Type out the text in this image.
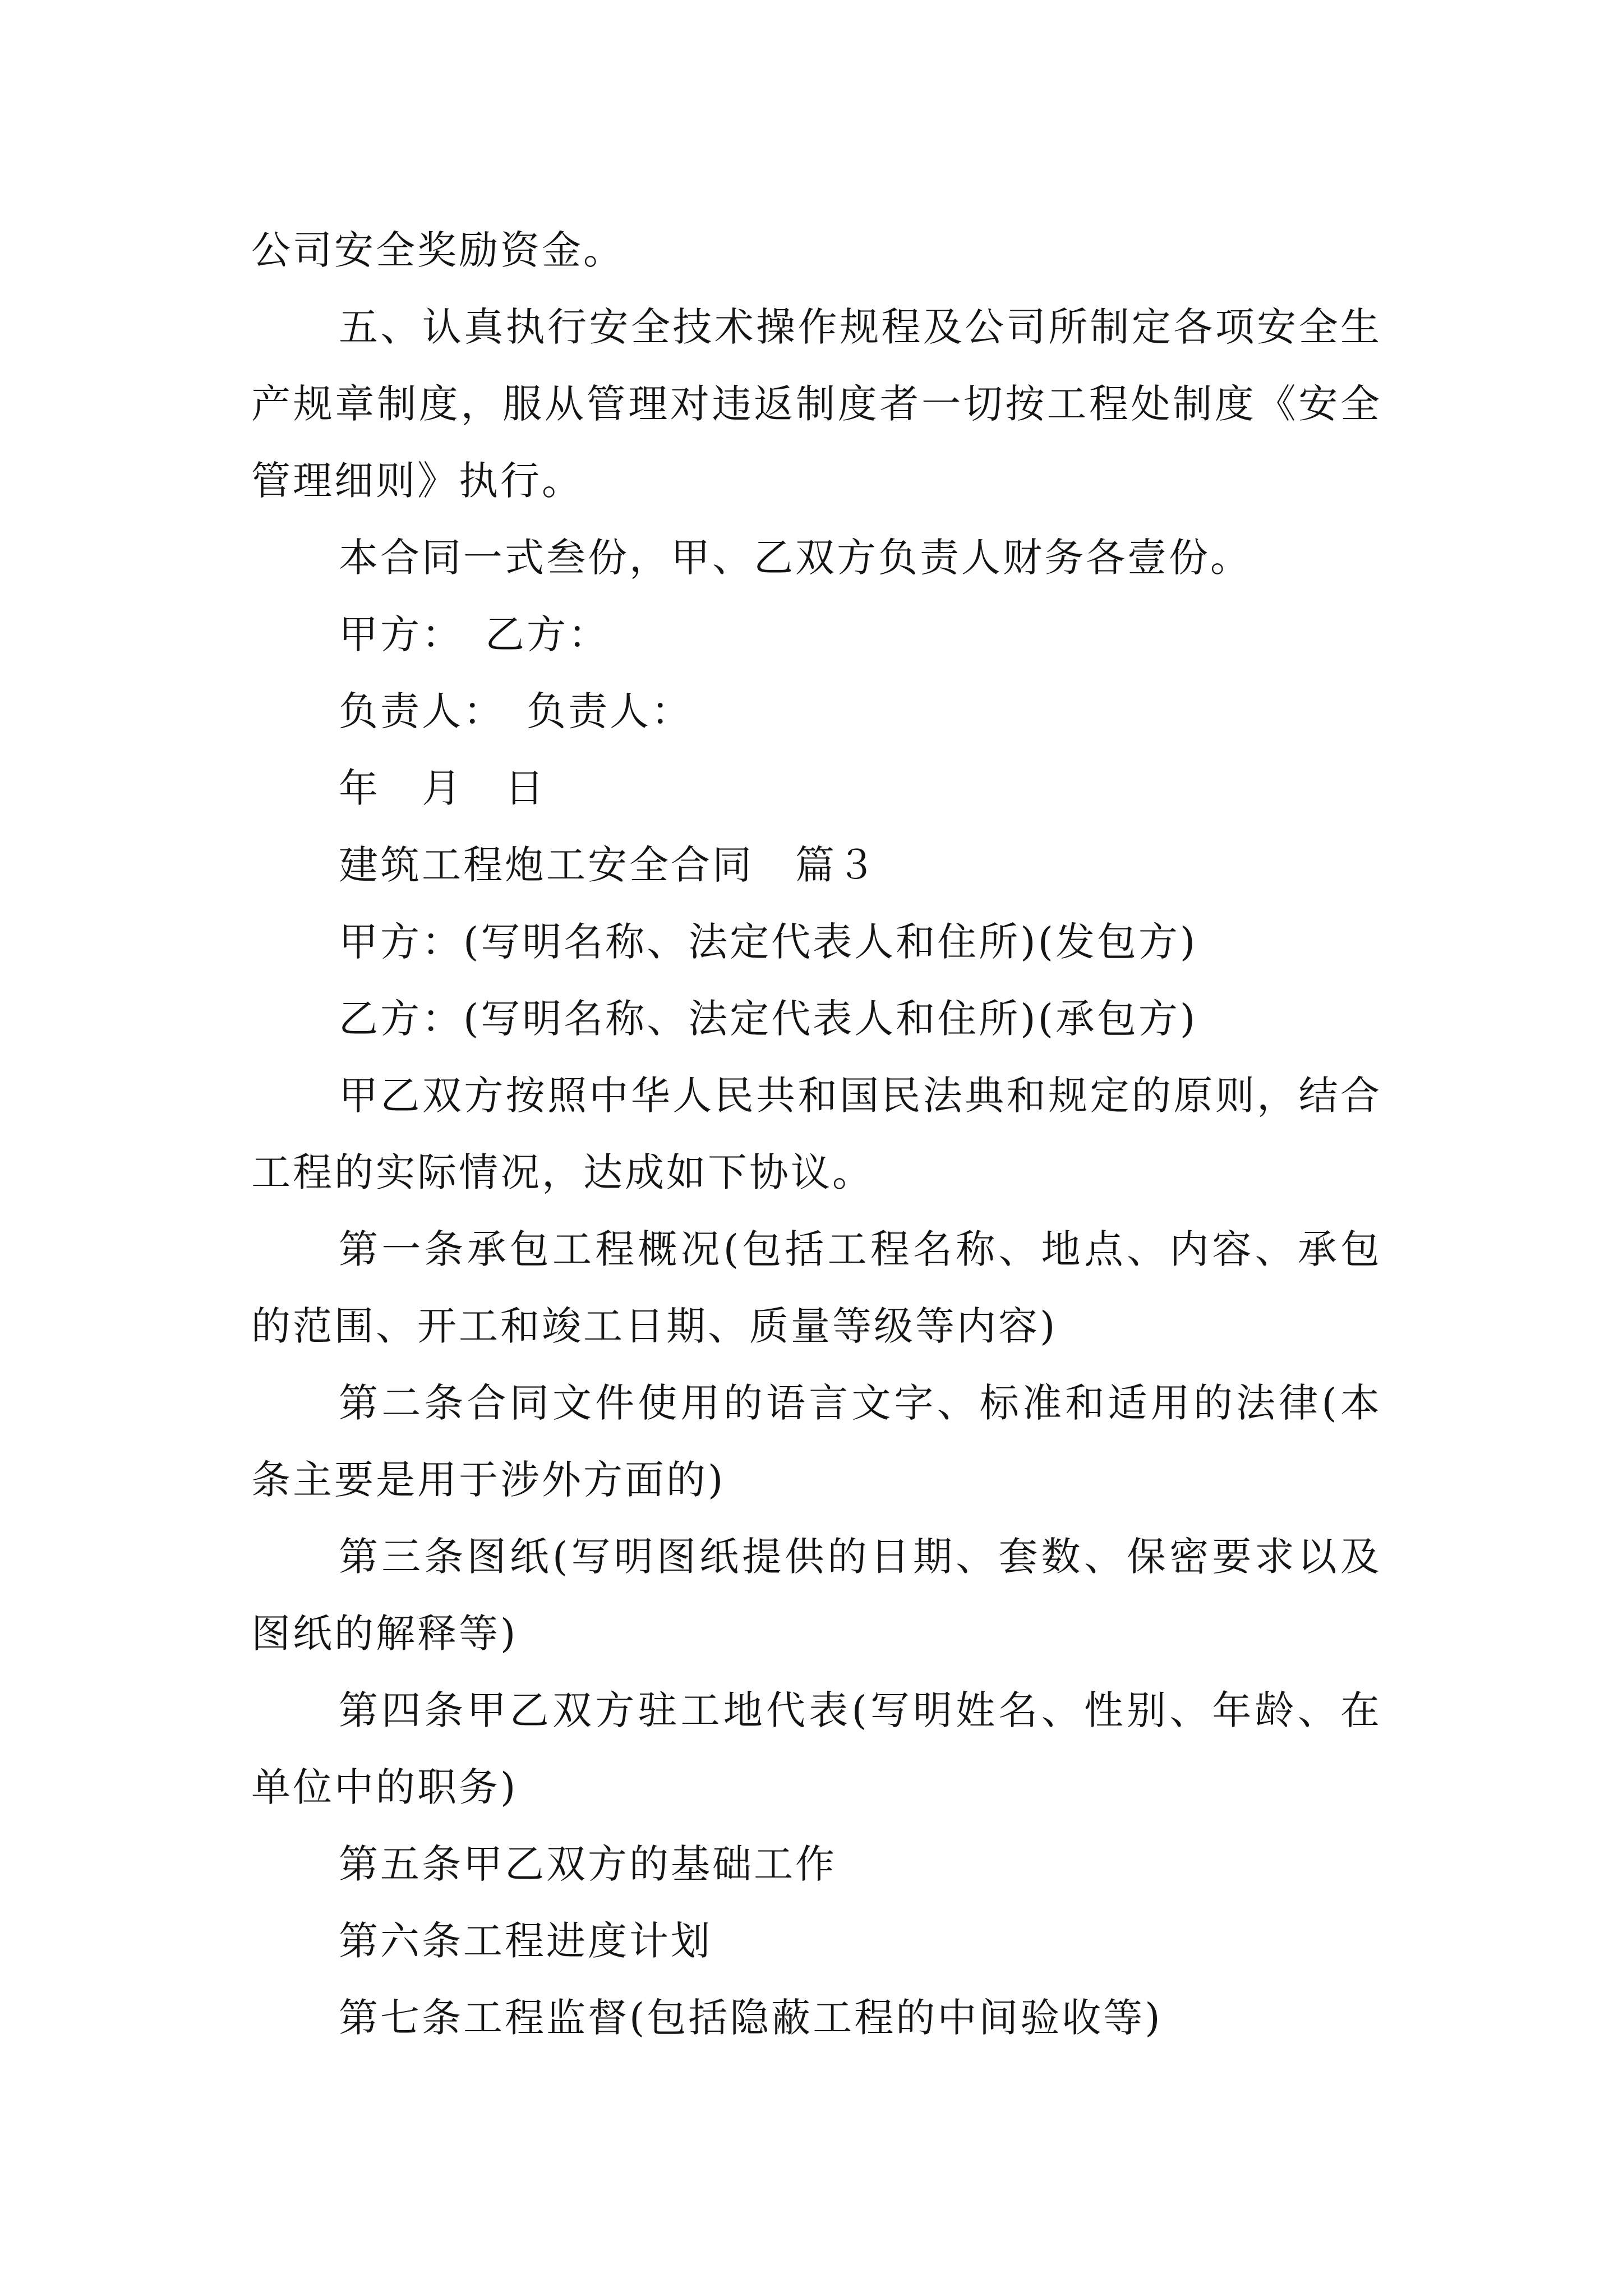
公司安全奖励资金。

五、认真执行安全技术操作规程及公司所制定各项安全生产规章制度，服从管理对违返制度者一切按工程处制度《安全管理细则》执行。

本合同一式叁份，甲、乙双方负责人财务各壹份。

甲方：　乙方：

负责人：　负责人：

年　月　日

建筑工程炮工安全合同　篇３

甲方：(写明名称、法定代表人和住所)(发包方)

乙方：(写明名称、法定代表人和住所)(承包方)

甲乙双方按照中华人民共和国民法典和规定的原则，结合工程的实际情况，达成如下协议。

第一条承包工程概况(包括工程名称、地点、内容、承包的范围、开工和竣工日期、质量等级等内容)

第二条合同文件使用的语言文字、标准和适用的法律(本条主要是用于涉外方面的)

第三条图纸(写明图纸提供的日期、套数、保密要求以及图纸的解释等)

第四条甲乙双方驻工地代表(写明姓名、性别、年龄、在单位中的职务)

第五条甲乙双方的基础工作

第六条工程进度计划

第七条工程监督(包括隐蔽工程的中间验收等)
